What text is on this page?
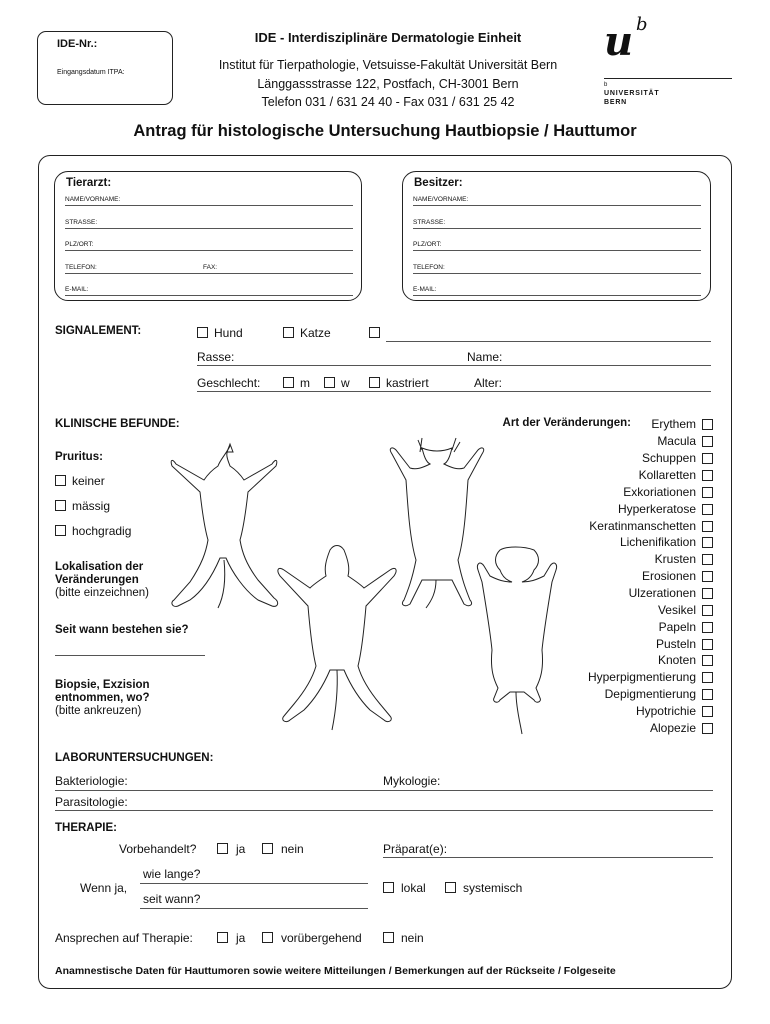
IDE-Nr.:
Eingangsdatum ITPA:
IDE - Interdisziplinäre Dermatologie Einheit
Institut für Tierpathologie, Vetsuisse-Fakultät Universität Bern
Länggassstrasse 122, Postfach, CH-3001 Bern
Telefon 031 / 631 24 40 - Fax 031 / 631 25 42
u b
b
UNIVERSITÄT
BERN
Antrag für histologische Untersuchung Hautbiopsie / Hauttumor
Tierarzt:
NAME/VORNAME:
STRASSE:
PLZ/ORT:
TELEFON:	FAX:
E-MAIL:
Besitzer:
NAME/VORNAME:
STRASSE:
PLZ/ORT:
TELEFON:
E-MAIL:
SIGNALEMENT:	Hund	Katze
Rasse:	Name:
Geschlecht:	m	w	kastriert	Alter:
KLINISCHE BEFUNDE:
Pruritus:
keiner
mässig
hochgradig
Lokalisation der
Veränderungen
(bitte einzeichnen)
Seit wann bestehen sie?
Biopsie, Exzision
entnommen, wo?
(bitte ankreuzen)
Art der Veränderungen: Erythem
Macula
Schuppen
Kollaretten
Exkoriationen
Hyperkeratose
Keratinmanschetten
Lichenifikation
Krusten
Erosionen
Ulzerationen
Vesikel
Papeln
Pusteln
Knoten
Hyperpigmentierung
Depigmentierung
Hypotrichie
Alopezie
LABORUNTERSUCHUNGEN:
Bakteriologie:	Mykologie:
Parasitologie:
THERAPIE:
Vorbehandelt?	ja	nein	Präparat(e):
Wenn ja,
wie lange?
seit wann?
lokal	systemisch
Ansprechen auf Therapie:	ja	vorübergehend	nein
Anamnestische Daten für Hauttumoren sowie weitere Mitteilungen / Bemerkungen auf der Rückseite / Folgeseite
